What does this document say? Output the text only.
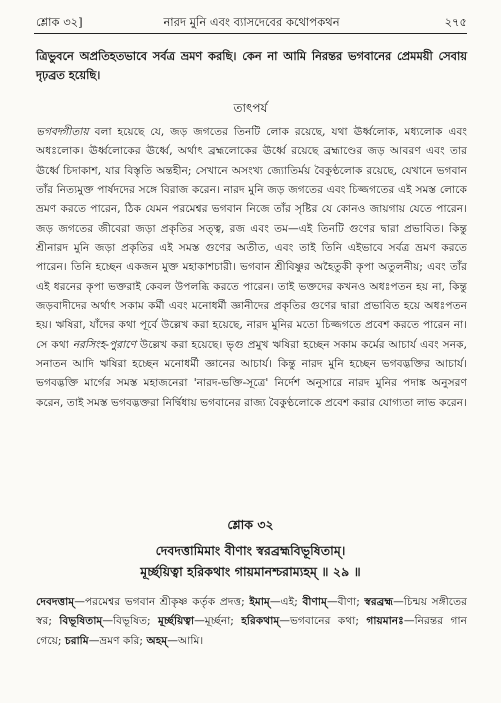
শ্লোক ৩২]	নারদ মুনি এবং ব্যাসদেবের কথোপকথন	২৭৫
ত্রিভুবনে অপ্রতিহতভাবে সর্বত্র ভ্রমণ করছি। কেন না আমি নিরন্তর ভগবানের প্রেমময়ী সেবায় দৃঢ়ব্রত হয়েছি।
তাৎপর্য

ভগবদ্গীতায় বলা হয়েছে যে, জড় জগতের তিনটি লোক রয়েছে, যথা ঊর্ধ্বলোক, মধ্যলোক এবং অধঃলোক। ঊর্ধ্বলোকের ঊর্ধ্বে, অর্থাৎ ব্রহ্মলোকের ঊর্ধ্বে রয়েছে ব্রহ্মাণ্ডের জড় আবরণ এবং তার ঊর্ধ্বে চিদাকাশ, যার বিস্তৃতি অন্তহীন; সেখানে অসংখ্য জ্যোতির্ময় বৈকুণ্ঠলোক রয়েছে, যেখানে ভগবান তাঁর নিত্যমুক্ত পার্ষদদের সঙ্গে বিরাজ করেন। নারদ মুনি জড় জগতের এবং চিজ্জগতের এই সমস্ত লোকে ভ্রমণ করতে পারেন, ঠিক যেমন পরমেশ্বর ভগবান নিজে তাঁর সৃষ্টির যে কোনও জায়গায় যেতে পারেন। জড় জগতের জীবেরা জড়া প্রকৃতির সত্ত্ব, রজ এবং তম—এই তিনটি গুণের দ্বারা প্রভাবিত। কিন্তু শ্রীনারদ মুনি জড়া প্রকৃতির এই সমস্ত গুণের অতীত, এবং তাই তিনি এইভাবে সর্বত্র ভ্রমণ করতে পারেন। তিনি হচ্ছেন একজন মুক্ত মহাকাশচারী। ভগবান শ্রীবিষ্ণুর অহৈতুকী কৃপা অতুলনীয়; এবং তাঁর এই ধরনের কৃপা ভক্তরাই কেবল উপলব্ধি করতে পারেন। তাই ভক্তদের কখনও অধঃপতন হয় না, কিন্তু জড়বাদীদের অর্থাৎ সকাম কর্মী এবং মনোধর্মী জ্ঞানীদের প্রকৃতির গুণের দ্বারা প্রভাবিত হয়ে অধঃপতন হয়। ঋষিরা, যাঁদের কথা পূর্বে উল্লেখ করা হয়েছে, নারদ মুনির মতো চিজ্জগতে প্রবেশ করতে পারেন না। সে কথা নরসিংহ-পুরাণে উল্লেখ করা হয়েছে। ভৃগু প্রমুখ ঋষিরা হচ্ছেন সকাম কর্মের আচার্য এবং সনক, সনাতন আদি ঋষিরা হচ্ছেন মনোধর্মী জ্ঞানের আচার্য। কিন্তু নারদ মুনি হচ্ছেন ভগবদ্ভক্তির আচার্য। ভগবদ্ভক্তি মার্গের সমস্ত মহাজনেরা 'নারদ-ভক্তি-সূত্রে' নির্দেশ অনুসারে নারদ মুনির পদাঙ্ক অনুসরণ করেন, তাই সমস্ত ভগবদ্ভক্তরা নির্দ্বিধায় ভগবানের রাজ্য বৈকুণ্ঠলোকে প্রবেশ করার যোগ্যতা লাভ করেন।

শ্লোক ৩২
দেবদত্তামিমাং বীণাং স্বরব্রহ্মবিভূষিতাম্।
মূর্চ্ছয়িত্বা হরিকথাং গায়মানশ্চরাম্যহম্ ॥ ২৯ ॥
দেবদত্তাম্—পরমেশ্বর ভগবান শ্রীকৃষ্ণ কর্তৃক প্রদত্ত; ইমাম্—এই; বীণাম্—বীণা; স্বরব্রহ্ম—চিন্ময় সঙ্গীতের স্বর; বিভূষিতাম্—বিভূষিত; মূর্চ্ছয়িত্বা—মূর্চ্ছনা; হরিকথাম্—ভগবানের কথা; গায়মানঃ—নিরন্তর গান গেয়ে; চরামি—ভ্রমণ করি; অহম্—আমি।
